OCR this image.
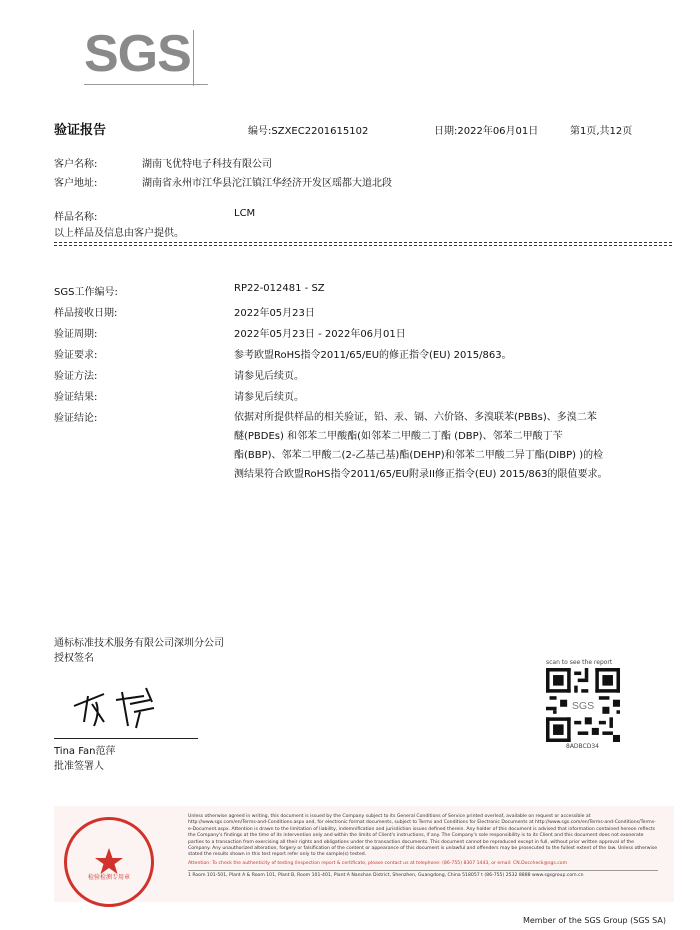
SGS
验证报告	编号:SZXEC2201615102	日期:2022年06月01日	第1页,共12页
客户名称:	湖南飞优特电子科技有限公司
客户地址:	湖南省永州市江华县沱江镇江华经济开发区瑶都大道北段
样品名称:	LCM
以上样品及信息由客户提供。
SGS工作编号:	RP22-012481 - SZ
样品接收日期:	2022年05月23日
验证周期:	2022年05月23日 - 2022年06月01日
验证要求:	参考欧盟RoHS指令2011/65/EU的修正指令(EU) 2015/863。
验证方法:	请参见后续页。
验证结果:	请参见后续页。
验证结论:	依据对所提供样品的相关验证，铅、汞、镉、六价铬、多溴联苯(PBBs)、多溴二苯
醚(PBDEs) 和邻苯二甲酸酯(如邻苯二甲酸二丁酯 (DBP)、邻苯二甲酸丁苄
酯(BBP)、邻苯二甲酸二(2-乙基己基)酯(DEHP)和邻苯二甲酸二异丁酯(DIBP) )的检
测结果符合欧盟RoHS指令2011/65/EU附录II修正指令(EU) 2015/863的限值要求。
通标标准技术服务有限公司深圳分公司
授权签名
Tina Fan范萍
批准签署人
scan to see the report
SGS
8ADBCD34
检验检测专用章
Unless otherwise agreed in writing, this document is issued by the Company subject to its General Conditions of Service printed overleaf, available on request or accessible at http://www.sgs.com/en/Terms-and-Conditions.aspx and, for electronic format documents, subject to Terms and Conditions for Electronic Documents at http://www.sgs.com/en/Terms-and-Conditions/Terms-e-Document.aspx. Attention is drawn to the limitation of liability, indemnification and jurisdiction issues defined therein. Any holder of this document is advised that information contained hereon reflects the Company's findings at the time of its intervention only and within the limits of Client's instructions, if any. The Company's sole responsibility is to its Client and this document does not exonerate parties to a transaction from exercising all their rights and obligations under the transaction documents. This document cannot be reproduced except in full, without prior written approval of the Company. Any unauthorized alteration, forgery or falsification of the content or appearance of this document is unlawful and offenders may be prosecuted to the fullest extent of the law. Unless otherwise stated the results shown in this test report refer only to the sample(s) tested.
Attention: To check the authenticity of testing /inspection report & certificate, please contact us at telephone: (86-755) 8307 1443, or email: CN.Doccheck@sgs.com
1 Room 101-501, Plant A & Room 101, Plant B, Room 101-401, Plant A Nanshan District, Shenzhen, Guangdong, China 518057 t (86-755) 2532 8888 www.sgsgroup.com.cn
Member of the SGS Group (SGS SA)
